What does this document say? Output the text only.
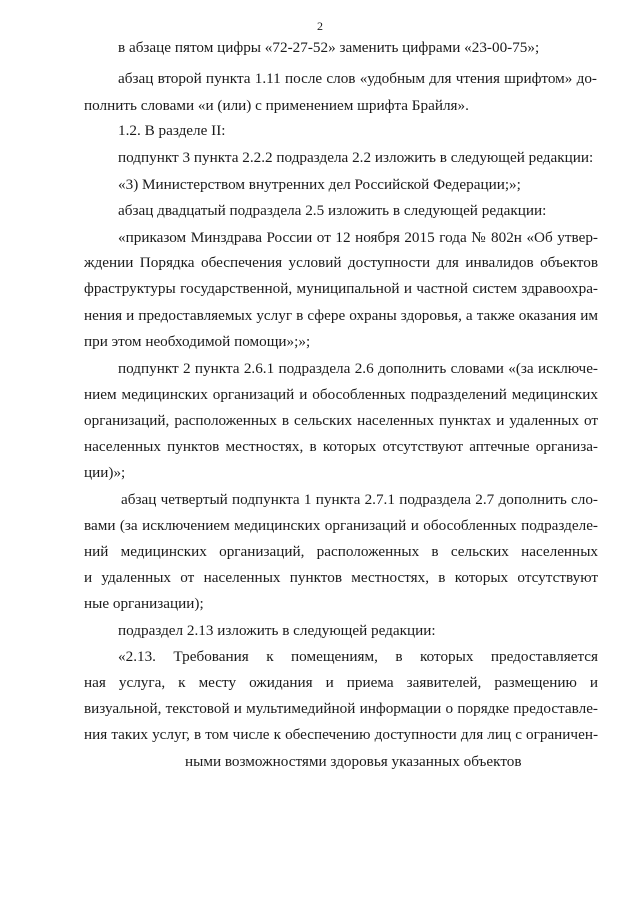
2
в абзаце пятом цифры «72-27-52» заменить цифрами «23-00-75»;
абзац второй пункта 1.11 после слов «удобным для чтения шрифтом» до-
полнить словами «и (или) с применением шрифта Брайля».
1.2. В разделе II:
подпункт 3 пункта 2.2.2 подраздела 2.2 изложить в следующей редакции:
«3) Министерством внутренних дел Российской Федерации;»;
абзац двадцатый подраздела 2.5 изложить в следующей редакции:
«приказом Минздрава России от 12 ноября 2015 года № 802н «Об утвер-
ждении Порядка обеспечения условий доступности для инвалидов объектов
фраструктуры государственной, муниципальной и частной систем здравоохра-
нения и предоставляемых услуг в сфере охраны здоровья, а также оказания им
при этом необходимой помощи»;»;
подпункт 2 пункта 2.6.1 подраздела 2.6 дополнить словами «(за исключе-
нием медицинских организаций и обособленных подразделений медицинских
организаций, расположенных в сельских населенных пунктах и удаленных от
населенных пунктов местностях, в которых отсутствуют аптечные организа-
ции)»;
абзац четвертый подпункта 1 пункта 2.7.1 подраздела 2.7 дополнить сло-
вами (за исключением медицинских организаций и обособленных подразделе-
ний медицинских организаций, расположенных в сельских населенных
и удаленных от населенных пунктов местностях, в которых отсутствуют
ные организации);
подраздел 2.13 изложить в следующей редакции:
«2.13. Требования к помещениям, в которых предоставляется
ная услуга, к месту ожидания и приема заявителей, размещению и
визуальной, текстовой и мультимедийной информации о порядке предоставле-
ния таких услуг, в том числе к обеспечению доступности для лиц с ограничен-
ными возможностями здоровья указанных объектов
